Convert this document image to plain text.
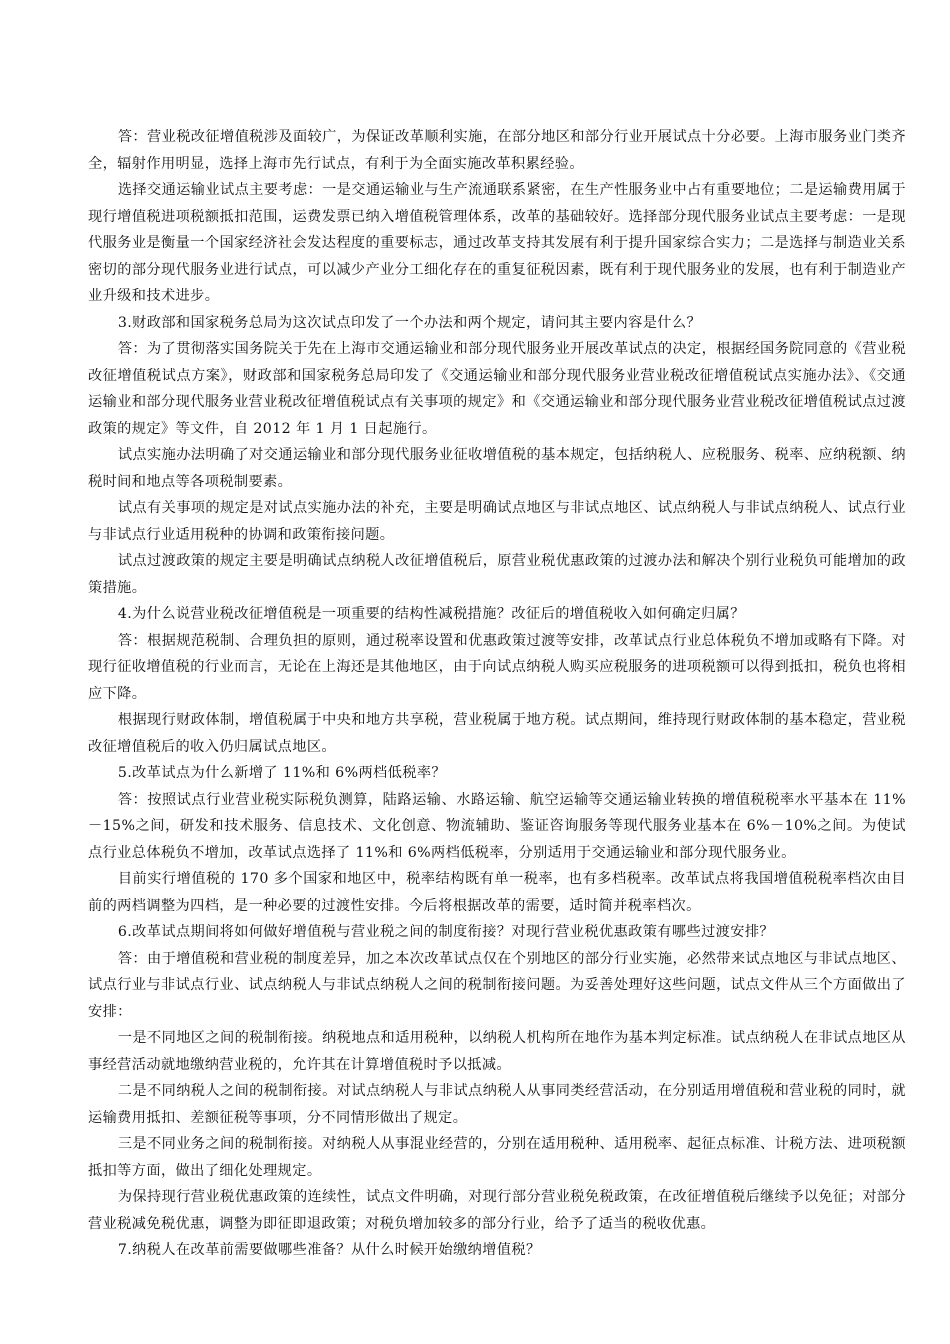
答：营业税改征增值税涉及面较广，为保证改革顺利实施，在部分地区和部分行业开展试点十分必要。上海市服务业门类齐全，辐射作用明显，选择上海市先行试点，有利于为全面实施改革积累经验。

选择交通运输业试点主要考虑：一是交通运输业与生产流通联系紧密，在生产性服务业中占有重要地位；二是运输费用属于现行增值税进项税额抵扣范围，运费发票已纳入增值税管理体系，改革的基础较好。选择部分现代服务业试点主要考虑：一是现代服务业是衡量一个国家经济社会发达程度的重要标志，通过改革支持其发展有利于提升国家综合实力；二是选择与制造业关系密切的部分现代服务业进行试点，可以减少产业分工细化存在的重复征税因素，既有利于现代服务业的发展，也有利于制造业产业升级和技术进步。

3.财政部和国家税务总局为这次试点印发了一个办法和两个规定，请问其主要内容是什么？

答：为了贯彻落实国务院关于先在上海市交通运输业和部分现代服务业开展改革试点的决定，根据经国务院同意的《营业税改征增值税试点方案》，财政部和国家税务总局印发了《交通运输业和部分现代服务业营业税改征增值税试点实施办法》、《交通运输业和部分现代服务业营业税改征增值税试点有关事项的规定》和《交通运输业和部分现代服务业营业税改征增值税试点过渡政策的规定》等文件，自 2012 年 1 月 1 日起施行。

试点实施办法明确了对交通运输业和部分现代服务业征收增值税的基本规定，包括纳税人、应税服务、税率、应纳税额、纳税时间和地点等各项税制要素。

试点有关事项的规定是对试点实施办法的补充，主要是明确试点地区与非试点地区、试点纳税人与非试点纳税人、试点行业与非试点行业适用税种的协调和政策衔接问题。

试点过渡政策的规定主要是明确试点纳税人改征增值税后，原营业税优惠政策的过渡办法和解决个别行业税负可能增加的政策措施。

4.为什么说营业税改征增值税是一项重要的结构性减税措施？改征后的增值税收入如何确定归属？

答：根据规范税制、合理负担的原则，通过税率设置和优惠政策过渡等安排，改革试点行业总体税负不增加或略有下降。对现行征收增值税的行业而言，无论在上海还是其他地区，由于向试点纳税人购买应税服务的进项税额可以得到抵扣，税负也将相应下降。

根据现行财政体制，增值税属于中央和地方共享税，营业税属于地方税。试点期间，维持现行财政体制的基本稳定，营业税改征增值税后的收入仍归属试点地区。

5.改革试点为什么新增了 11%和 6%两档低税率？

答：按照试点行业营业税实际税负测算，陆路运输、水路运输、航空运输等交通运输业转换的增值税税率水平基本在 11%－15%之间，研发和技术服务、信息技术、文化创意、物流辅助、鉴证咨询服务等现代服务业基本在 6%－10%之间。为使试点行业总体税负不增加，改革试点选择了 11%和 6%两档低税率，分别适用于交通运输业和部分现代服务业。

目前实行增值税的 170 多个国家和地区中，税率结构既有单一税率，也有多档税率。改革试点将我国增值税税率档次由目前的两档调整为四档，是一种必要的过渡性安排。今后将根据改革的需要，适时简并税率档次。

6.改革试点期间将如何做好增值税与营业税之间的制度衔接？对现行营业税优惠政策有哪些过渡安排？

答：由于增值税和营业税的制度差异，加之本次改革试点仅在个别地区的部分行业实施，必然带来试点地区与非试点地区、试点行业与非试点行业、试点纳税人与非试点纳税人之间的税制衔接问题。为妥善处理好这些问题，试点文件从三个方面做出了安排：

一是不同地区之间的税制衔接。纳税地点和适用税种，以纳税人机构所在地作为基本判定标准。试点纳税人在非试点地区从事经营活动就地缴纳营业税的，允许其在计算增值税时予以抵减。

二是不同纳税人之间的税制衔接。对试点纳税人与非试点纳税人从事同类经营活动，在分别适用增值税和营业税的同时，就运输费用抵扣、差额征税等事项，分不同情形做出了规定。

三是不同业务之间的税制衔接。对纳税人从事混业经营的，分别在适用税种、适用税率、起征点标准、计税方法、进项税额抵扣等方面，做出了细化处理规定。

为保持现行营业税优惠政策的连续性，试点文件明确，对现行部分营业税免税政策，在改征增值税后继续予以免征；对部分营业税减免税优惠，调整为即征即退政策；对税负增加较多的部分行业，给予了适当的税收优惠。

7.纳税人在改革前需要做哪些准备？从什么时候开始缴纳增值税？
